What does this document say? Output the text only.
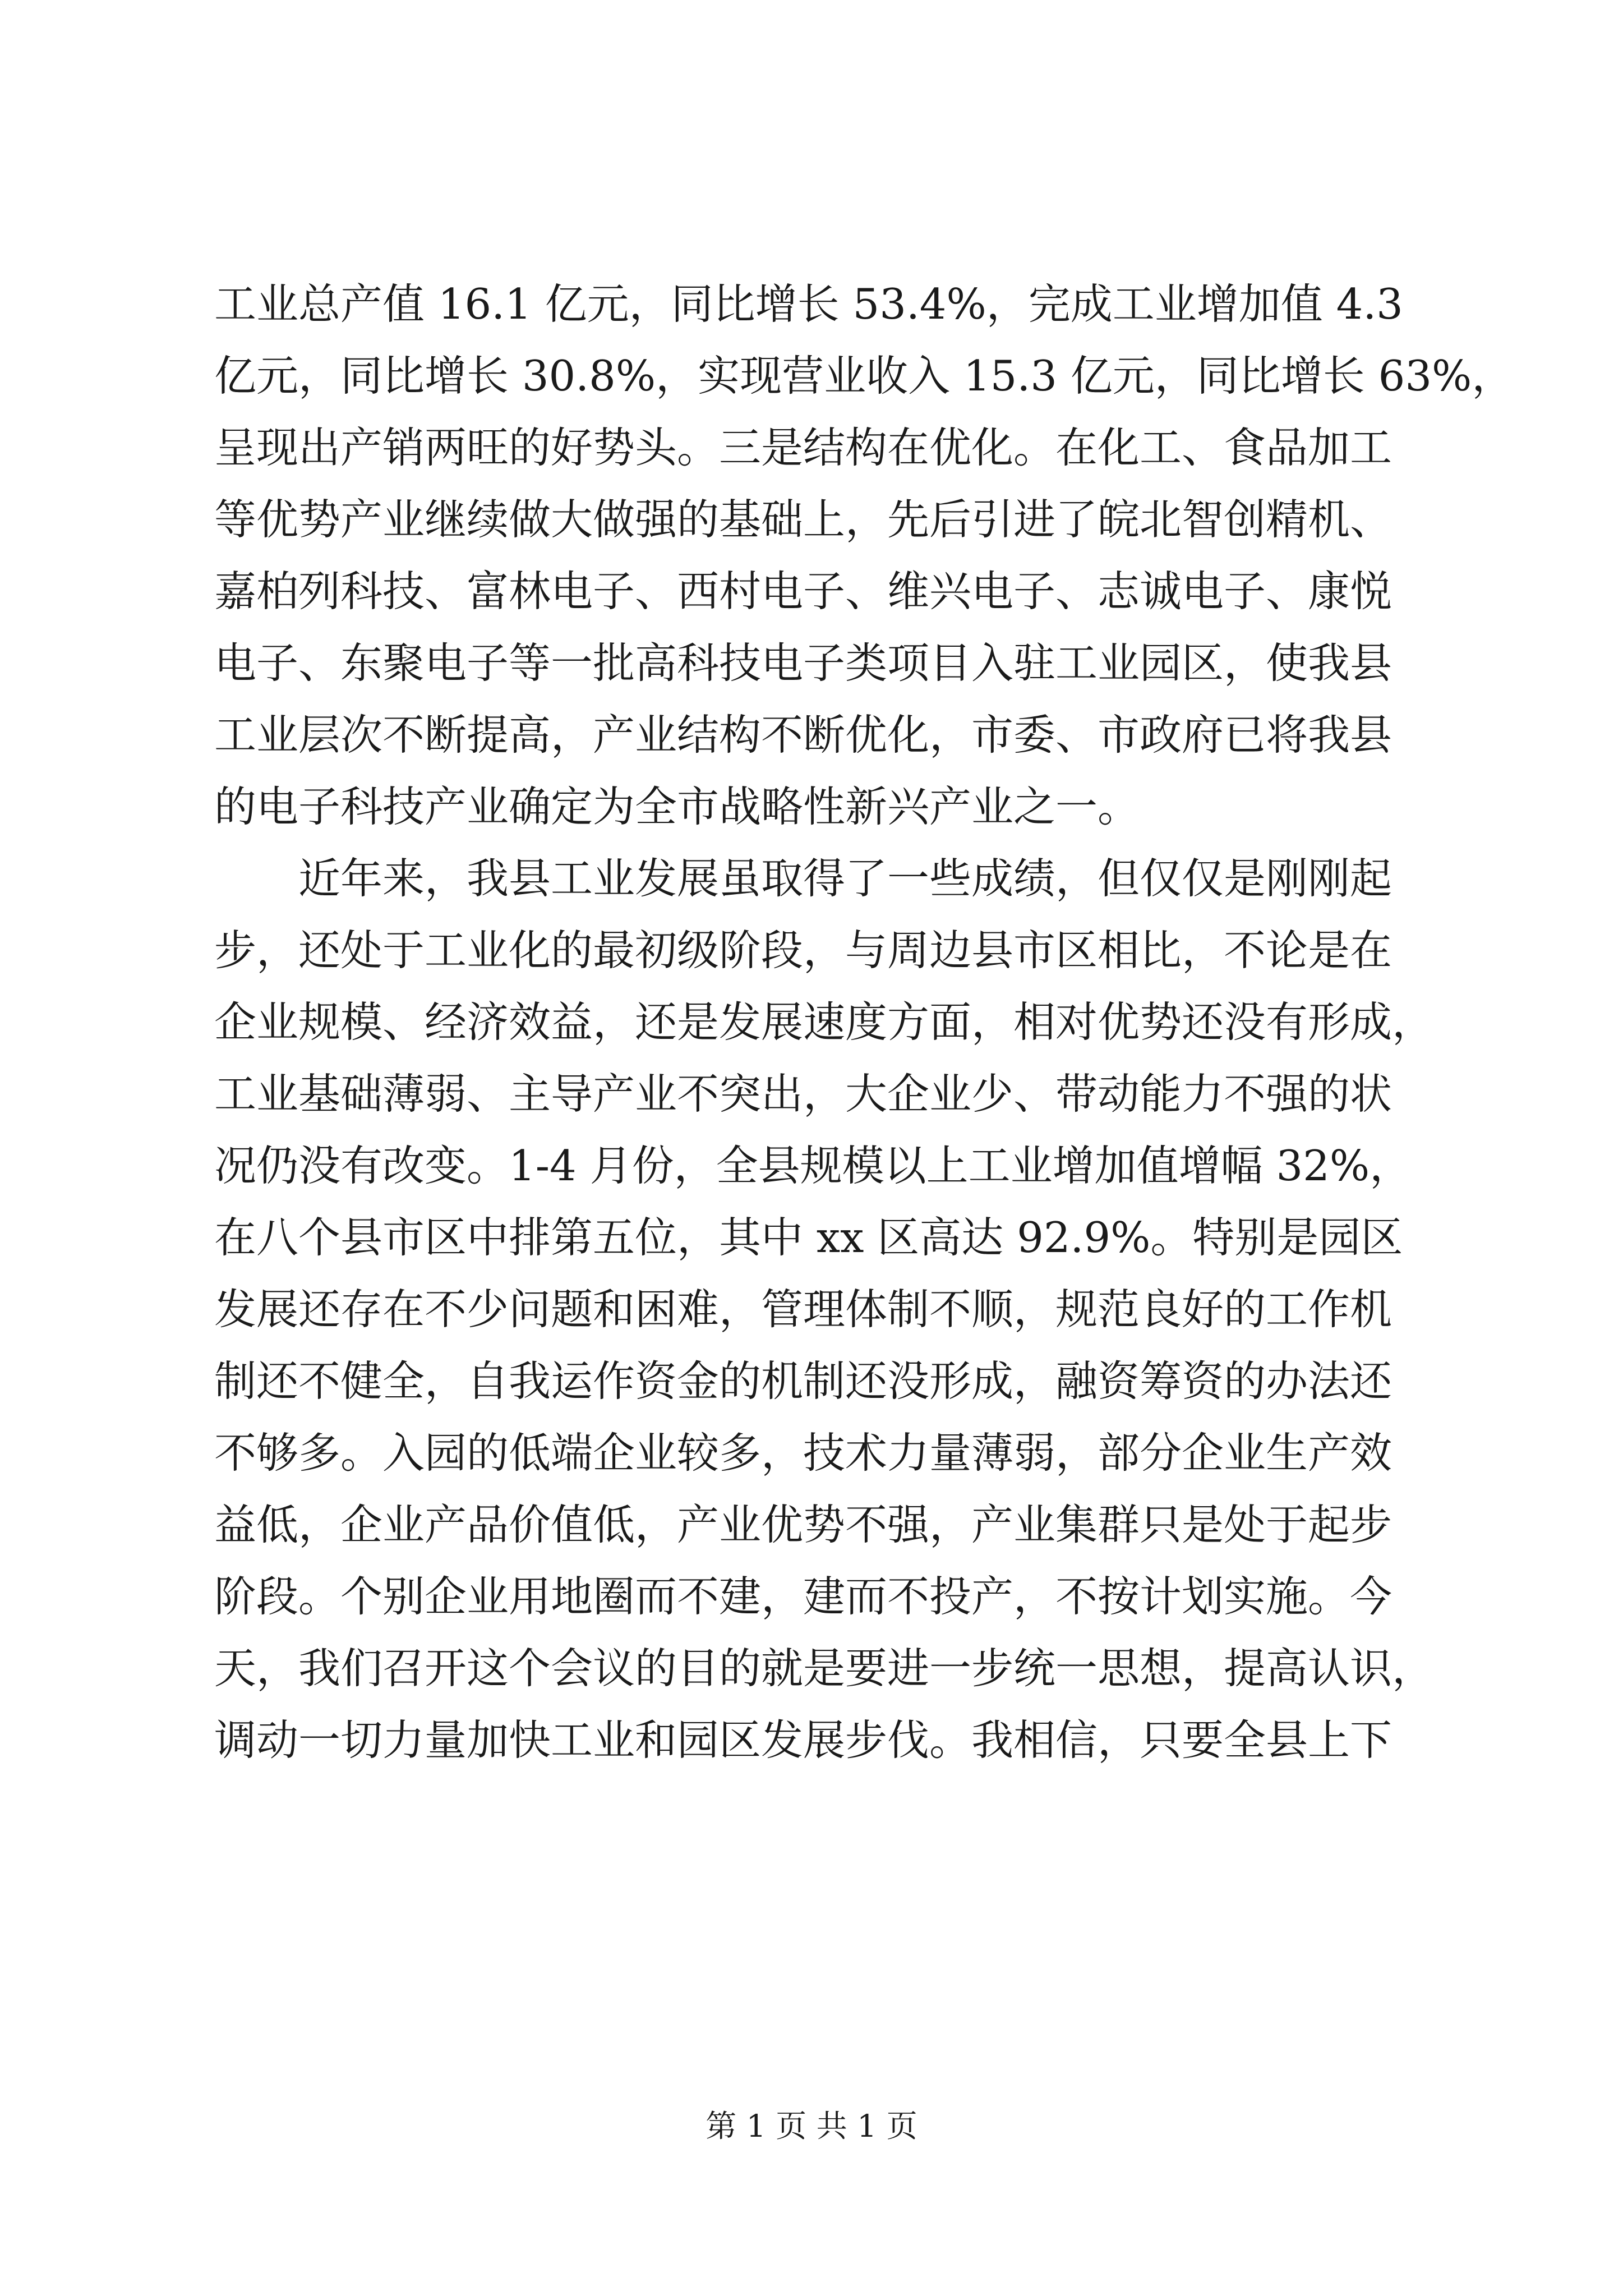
工业总产值 16.1 亿元，同比增长 53.4%，完成工业增加值 4.3
亿元，同比增长 30.8%，实现营业收入 15.3 亿元，同比增长 63%，
呈现出产销两旺的好势头。三是结构在优化。在化工、食品加工
等优势产业继续做大做强的基础上，先后引进了皖北智创精机、
嘉柏列科技、富林电子、西村电子、维兴电子、志诚电子、康悦
电子、东聚电子等一批高科技电子类项目入驻工业园区，使我县
工业层次不断提高，产业结构不断优化，市委、市政府已将我县
的电子科技产业确定为全市战略性新兴产业之一。
　　近年来，我县工业发展虽取得了一些成绩，但仅仅是刚刚起
步，还处于工业化的最初级阶段，与周边县市区相比，不论是在
企业规模、经济效益，还是发展速度方面，相对优势还没有形成，
工业基础薄弱、主导产业不突出，大企业少、带动能力不强的状
况仍没有改变。1-4 月份，全县规模以上工业增加值增幅 32%，
在八个县市区中排第五位，其中 xx 区高达 92.9%。特别是园区
发展还存在不少问题和困难，管理体制不顺，规范良好的工作机
制还不健全，自我运作资金的机制还没形成，融资筹资的办法还
不够多。入园的低端企业较多，技术力量薄弱，部分企业生产效
益低，企业产品价值低，产业优势不强，产业集群只是处于起步
阶段。个别企业用地圈而不建，建而不投产，不按计划实施。今
天，我们召开这个会议的目的就是要进一步统一思想，提高认识，
调动一切力量加快工业和园区发展步伐。我相信，只要全县上下
第 1 页 共 1 页
